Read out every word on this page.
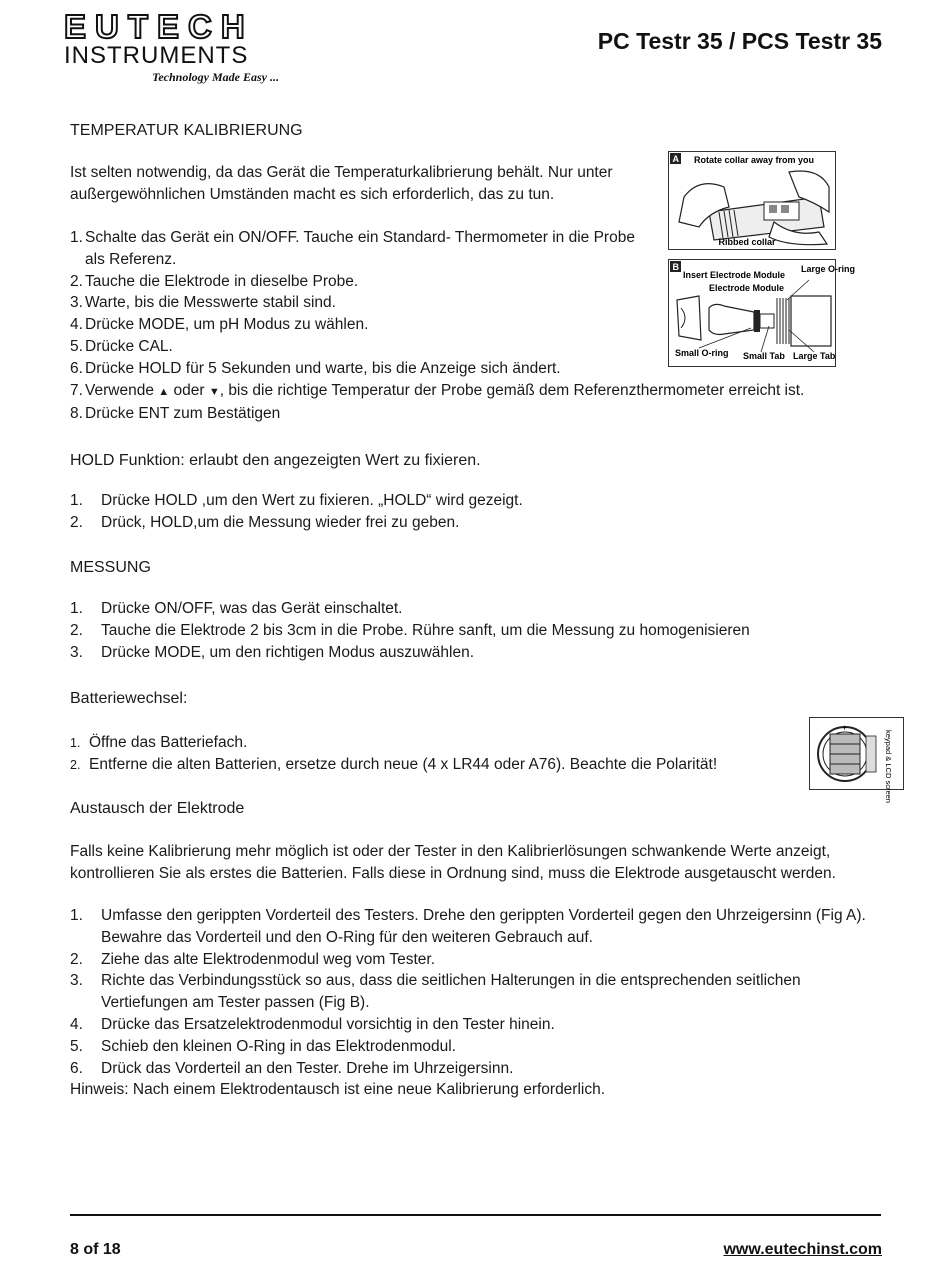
EUTECH
INSTRUMENTS
Technology Made Easy ...
PC Testr 35 / PCS Testr 35
TEMPERATUR KALIBRIERUNG
Ist selten notwendig, da das Gerät die Temperaturkalibrierung behält. Nur unter außergewöhnlichen Umständen macht es sich erforderlich, das zu tun.
1. Schalte das Gerät ein ON/OFF. Tauche ein Standard- Thermometer in die Probe als Referenz.
2. Tauche die Elektrode in dieselbe Probe.
3. Warte, bis die Messwerte stabil sind.
4. Drücke MODE, um pH Modus zu wählen.
5. Drücke CAL.
6. Drücke HOLD für 5 Sekunden und warte, bis die Anzeige sich ändert.
7. Verwende ▲ oder ▼, bis die richtige Temperatur der Probe gemäß dem Referenzthermometer erreicht ist.
8. Drücke ENT zum Bestätigen
A Rotate collar away from you
Ribbed collar
B
Insert Electrode Module
Electrode Module
Large O-ring
Small O-ring Small Tab Large Tab
HOLD Funktion: erlaubt den angezeigten Wert zu fixieren.
1. Drücke HOLD ,um den Wert zu fixieren. „HOLD“ wird gezeigt.
2. Drück, HOLD,um die Messung wieder frei zu geben.
MESSUNG
1. Drücke ON/OFF, was das Gerät einschaltet.
2. Tauche die Elektrode 2 bis 3cm in die Probe. Rühre sanft, um die Messung zu homogenisieren
3. Drücke MODE, um den richtigen Modus auszuwählen.
Batteriewechsel:
1. Öffne das Batteriefach.
2. Entferne die alten Batterien, ersetze durch neue (4 x LR44 oder A76). Beachte die Polarität!
+
keypad & LCD screen
Austausch der Elektrode
Falls keine Kalibrierung mehr möglich ist oder der Tester in den Kalibrierlösungen schwankende Werte anzeigt, kontrollieren Sie als erstes die Batterien. Falls diese in Ordnung sind, muss die Elektrode ausgetauscht werden.
1. Umfasse den gerippten Vorderteil des Testers. Drehe den gerippten Vorderteil gegen den Uhrzeigersinn (Fig A). Bewahre das Vorderteil und den O-Ring für den weiteren Gebrauch auf.
2. Ziehe das alte Elektrodenmodul weg vom Tester.
3. Richte das Verbindungsstück so aus, dass die seitlichen Halterungen in die entsprechenden seitlichen Vertiefungen am Tester passen (Fig B).
4. Drücke das Ersatzelektrodenmodul vorsichtig in den Tester hinein.
5. Schieb den kleinen O-Ring in das Elektrodenmodul.
6. Drück das Vorderteil an den Tester. Drehe im Uhrzeigersinn.
Hinweis: Nach einem Elektrodentausch ist eine neue Kalibrierung erforderlich.
8 of 18	www.eutechinst.com
